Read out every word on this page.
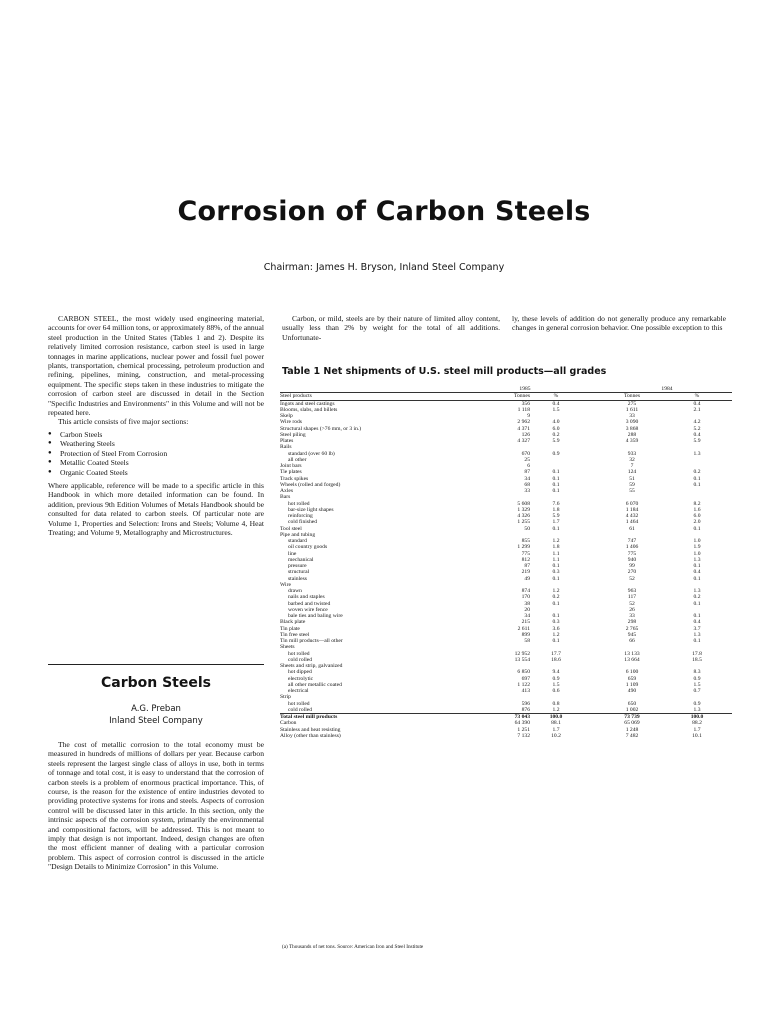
Corrosion of Carbon Steels
Chairman: James H. Bryson, Inland Steel Company

CARBON STEEL, the most widely used engineering material, accounts for over 64 million tons, or approximately 88%, of the annual steel production in the United States (Tables 1 and 2). Despite its relatively limited corrosion resistance, carbon steel is used in large tonnages in marine applications, nuclear power and fossil fuel power plants, transportation, chemical processing, petroleum production and refining, pipelines, mining, construction, and metal-processing equipment. The specific steps taken in these industries to mitigate the corrosion of carbon steel are discussed in detail in the Section "Specific Industries and Environments" in this Volume and will not be repeated here.

This article consists of five major sections:

● Carbon Steels
● Weathering Steels
● Protection of Steel From Corrosion
● Metallic Coated Steels
● Organic Coated Steels

Where applicable, reference will be made to a specific article in this Handbook in which more detailed information can be found. In addition, previous 9th Edition Volumes of Metals Handbook should be consulted for data related to carbon steels. Of particular note are Volume 1, Properties and Selection: Irons and Steels; Volume 4, Heat Treating; and Volume 9, Metallography and Microstructures.

Carbon, or mild, steels are by their nature of limited alloy content, usually less than 2% by weight for the total of all additions. Unfortunate-

ly, these levels of addition do not generally produce any remarkable changes in general corrosion behavior. One possible exception to this

Carbon Steels
A.G. Preban
Inland Steel Company

The cost of metallic corrosion to the total economy must be measured in hundreds of millions of dollars per year. Because carbon steels represent the largest single class of alloys in use, both in terms of tonnage and total cost, it is easy to understand that the corrosion of carbon steels is a problem of enormous practical importance. This, of course, is the reason for the existence of entire industries devoted to providing protective systems for irons and steels. Aspects of corrosion control will be discussed later in this article. In this section, only the intrinsic aspects of the corrosion system, primarily the environmental and compositional factors, will be addressed. This is not meant to imply that design is not important. Indeed, design changes are often the most efficient manner of dealing with a particular corrosion problem. This aspect of corrosion control is discussed in the article "Design Details to Minimize Corrosion" in this Volume.

Table 1 Net shipments of U.S. steel mill products—all grades
	1985			1984	
Steel products	Tonnes	%		Tonnes	%
Ingots and steel castings	356	0.4		275	0.4
Blooms, slabs, and billets	1 118	1.5		1 611	2.1
Skelp	9			33	
Wire rods	2 962	4.0		3 090	4.2
Structural shapes (>76 mm, or 3 in.)	4 371	6.0		3 868	5.2
Steel piling	126	0.2		288	0.4
Plates	4 327	5.9		4 359	5.9
Rails					
standard (over 60 lb)	670	0.9		933	1.3
all other	25			32	
Joint bars	6			7	
Tie plates	87	0.1		124	0.2
Track spikes	34	0.1		51	0.1
Wheels (rolled and forged)	68	0.1		59	0.1
Axles	33	0.1		55	
Bars					
hot rolled	5 608	7.6		6 070	8.2
bar-size light shapes	1 329	1.8		1 184	1.6
reinforcing	4 326	5.9		4 432	6.0
cold finished	1 255	1.7		1 464	2.0
Tool steel	50	0.1		61	0.1
Pipe and tubing					
standard	855	1.2		747	1.0
oil country goods	1 299	1.8		1 406	1.9
line	775	1.1		775	1.0
mechanical	812	1.1		940	1.3
pressure	87	0.1		99	0.1
structural	219	0.3		270	0.4
stainless	49	0.1		52	0.1
Wire					
drawn	874	1.2		963	1.3
nails and staples	170	0.2		117	0.2
barbed and twisted	38	0.1		52	0.1
woven wire fence	20			26	
bale ties and baling wire	34	0.1		33	0.1
Black plate	215	0.3		298	0.4
Tin plate	2 611	3.6		2 765	3.7
Tin free steel	899	1.2		945	1.3
Tin mill products—all other	58	0.1		66	0.1
Sheets					
hot rolled	12 952	17.7		13 133	17.8
cold rolled	13 554	18.6		13 664	18.5
Sheets and strip, galvanized					
hot dipped	6 850	9.4		6 100	8.3
electrolytic	697	0.9		659	0.9
all other metallic coated	1 122	1.5		1 109	1.5
electrical	413	0.6		490	0.7
Strip					
hot rolled	596	0.8		650	0.9
cold rolled	876	1.2		1 002	1.3
Total steel mill products	73 043	100.0		73 739	100.0
Carbon	64 390	88.1		65 069	88.2
Stainless and heat resisting	1 251	1.7		1 248	1.7
Alloy (other than stainless)	7 132	10.2		7 482	10.1
(a) Thousands of net tons. Source: American Iron and Steel Institute
